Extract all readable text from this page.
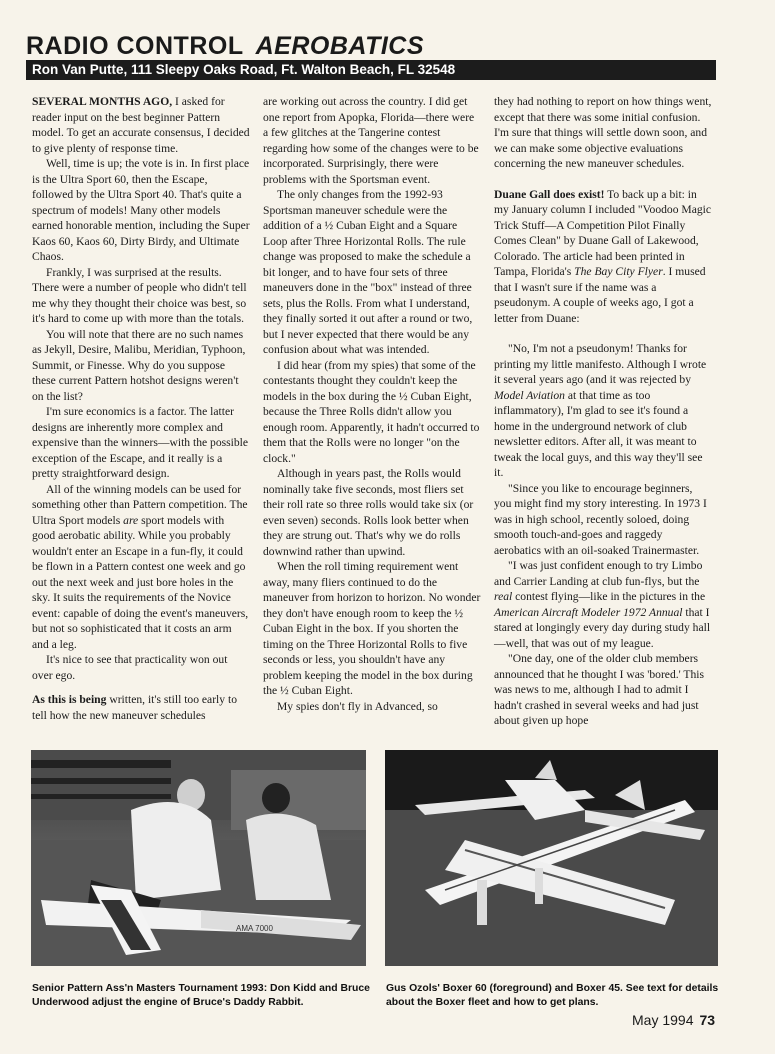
RADIO CONTROL AEROBATICS
Ron Van Putte, 111 Sleepy Oaks Road, Ft. Walton Beach, FL 32548

SEVERAL MONTHS AGO, I asked for reader input on the best beginner Pattern model. To get an accurate consensus, I decided to give plenty of response time.

Well, time is up; the vote is in. In first place is the Ultra Sport 60, then the Escape, followed by the Ultra Sport 40. That's quite a spectrum of models! Many other models earned honorable mention, including the Super Kaos 60, Kaos 60, Dirty Birdy, and Ultimate Chaos.

Frankly, I was surprised at the results. There were a number of people who didn't tell me why they thought their choice was best, so it's hard to come up with more than the totals.

You will note that there are no such names as Jekyll, Desire, Malibu, Meridian, Typhoon, Summit, or Finesse. Why do you suppose these current Pattern hotshot designs weren't on the list?

I'm sure economics is a factor. The latter designs are inherently more complex and expensive than the winners—with the possible exception of the Escape, and it really is a pretty straightforward design.

All of the winning models can be used for something other than Pattern competition. The Ultra Sport models are sport models with good aerobatic ability. While you probably wouldn't enter an Escape in a fun-fly, it could be flown in a Pattern contest one week and go out the next week and just bore holes in the sky. It suits the requirements of the Novice event: capable of doing the event's maneuvers, but not so sophisticated that it costs an arm and a leg.

It's nice to see that practicality won out over ego.

As this is being written, it's still too early to tell how the new maneuver schedules

are working out across the country. I did get one report from Apopka, Florida—there were a few glitches at the Tangerine contest regarding how some of the changes were to be incorporated. Surprisingly, there were problems with the Sportsman event.

The only changes from the 1992-93 Sportsman maneuver schedule were the addition of a ½ Cuban Eight and a Square Loop after Three Horizontal Rolls. The rule change was proposed to make the schedule a bit longer, and to have four sets of three maneuvers done in the "box" instead of three sets, plus the Rolls. From what I understand, they finally sorted it out after a round or two, but I never expected that there would be any confusion about what was intended.

I did hear (from my spies) that some of the contestants thought they couldn't keep the models in the box during the ½ Cuban Eight, because the Three Rolls didn't allow you enough room. Apparently, it hadn't occurred to them that the Rolls were no longer "on the clock."

Although in years past, the Rolls would nominally take five seconds, most fliers set their roll rate so three rolls would take six (or even seven) seconds. Rolls look better when they are strung out. That's why we do rolls downwind rather than upwind.

When the roll timing requirement went away, many fliers continued to do the maneuver from horizon to horizon. No wonder they don't have enough room to keep the ½ Cuban Eight in the box. If you shorten the timing on the Three Horizontal Rolls to five seconds or less, you shouldn't have any problem keeping the model in the box during the ½ Cuban Eight.

My spies don't fly in Advanced, so

they had nothing to report on how things went, except that there was some initial confusion. I'm sure that things will settle down soon, and we can make some objective evaluations concerning the new maneuver schedules.

Duane Gall does exist! To back up a bit: in my January column I included "Voodoo Magic Trick Stuff—A Competition Pilot Finally Comes Clean" by Duane Gall of Lakewood, Colorado. The article had been printed in Tampa, Florida's The Bay City Flyer. I mused that I wasn't sure if the name was a pseudonym. A couple of weeks ago, I got a letter from Duane:

"No, I'm not a pseudonym! Thanks for printing my little manifesto. Although I wrote it several years ago (and it was rejected by Model Aviation at that time as too inflammatory), I'm glad to see it's found a home in the underground network of club newsletter editors. After all, it was meant to tweak the local guys, and this way they'll see it.

"Since you like to encourage beginners, you might find my story interesting. In 1973 I was in high school, recently soloed, doing smooth touch-and-goes and raggedy aerobatics with an oil-soaked Trainermaster.

"I was just confident enough to try Limbo and Carrier Landing at club fun-flys, but the real contest flying—like in the pictures in the American Aircraft Modeler 1972 Annual that I stared at longingly every day during study hall—well, that was out of my league.

"One day, one of the older club members announced that he thought I was 'bored.' This was news to me, although I had to admit I hadn't crashed in several weeks and had just about given up hope

AMA 7000
Senior Pattern Ass'n Masters Tournament 1993: Don Kidd and Bruce Underwood adjust the engine of Bruce's Daddy Rabbit.
Gus Ozols' Boxer 60 (foreground) and Boxer 45. See text for details about the Boxer fleet and how to get plans.
May 1994 73
